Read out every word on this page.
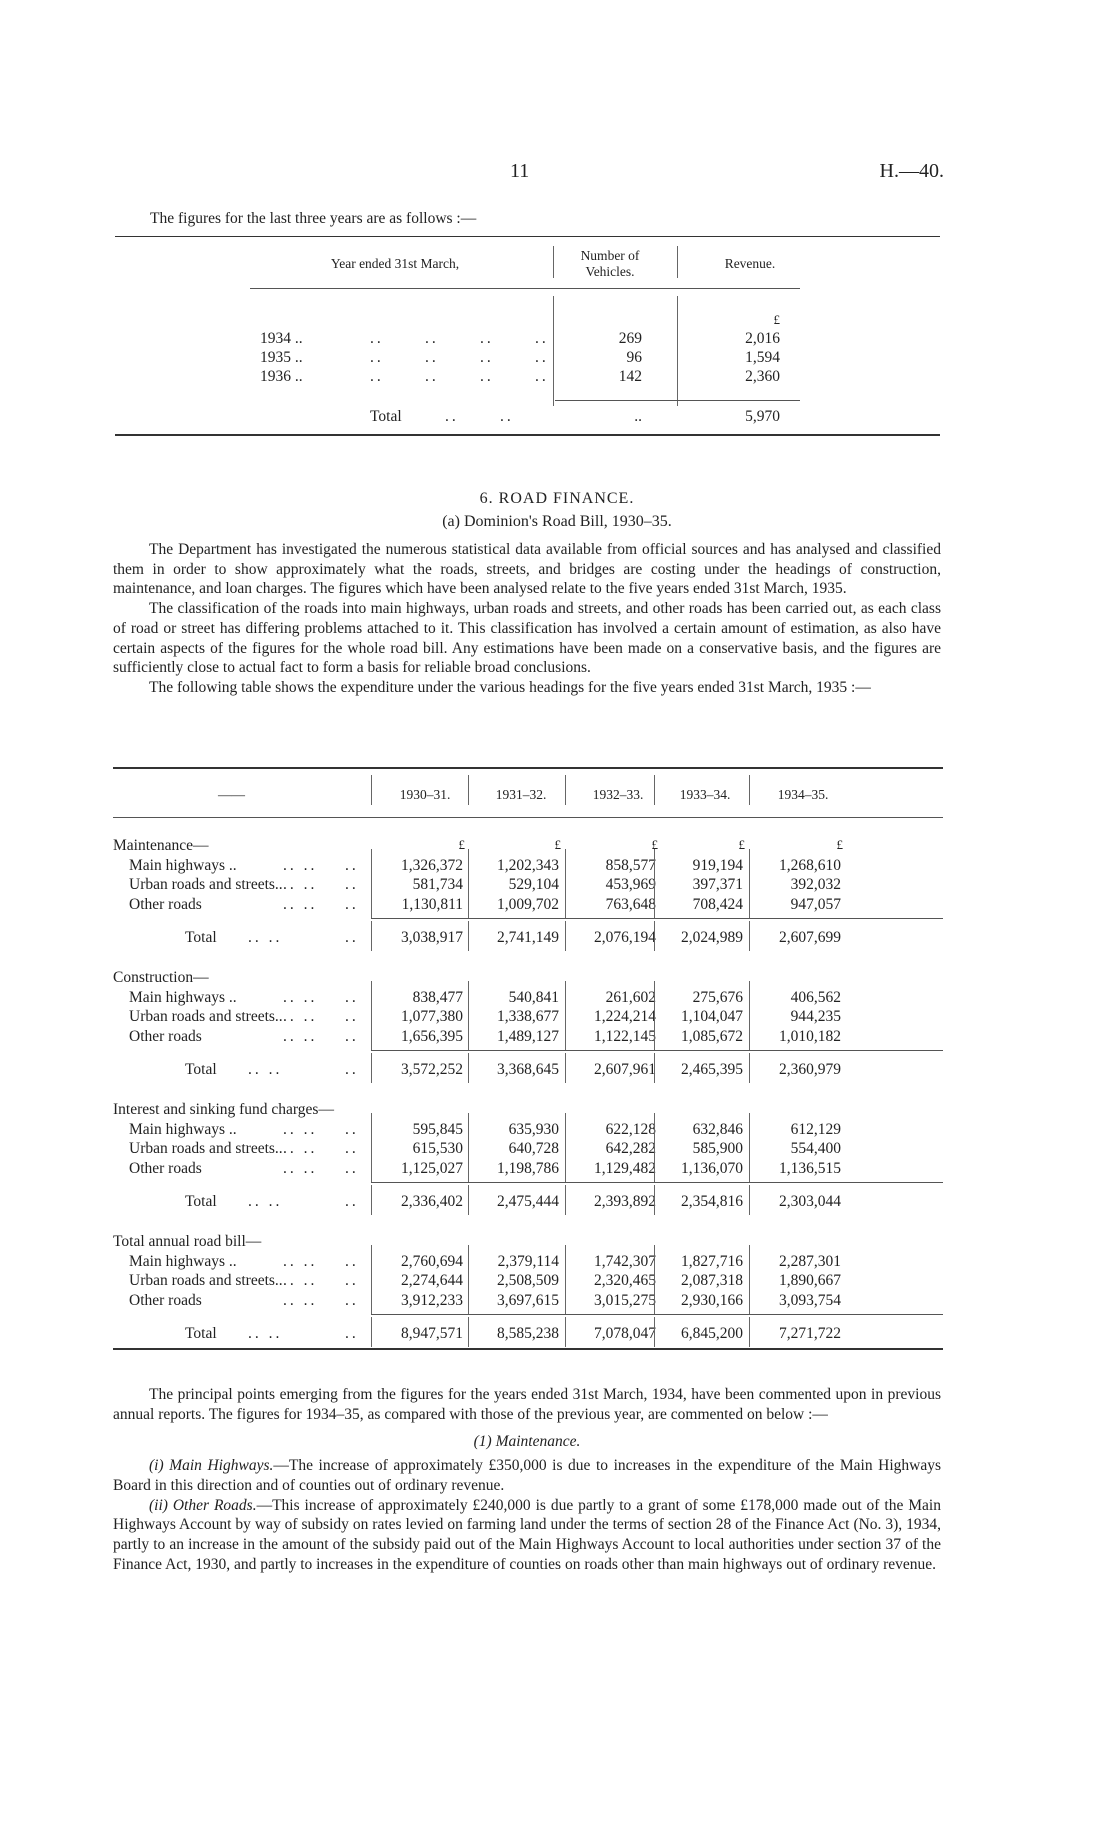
11	H.—40.
The figures for the last three years are as follows :—
Year ended 31st March,
Number of Vehicles.
Revenue.
£
1934 ..	..      ..      ..      ..	269	2,016
1935 ..	..      ..      ..      ..	96	1,594
1936 ..	..      ..      ..      ..	142	2,360
Total	..      ..	..	5,970
6. ROAD FINANCE.
(a) Dominion's Road Bill, 1930–35.

The Department has investigated the numerous statistical data available from official sources and has analysed and classified them in order to show approximately what the roads, streets, and bridges are costing under the headings of construction, maintenance, and loan charges. The figures which have been analysed relate to the five years ended 31st March, 1935.

The classification of the roads into main highways, urban roads and streets, and other roads has been carried out, as each class of road or street has differing problems attached to it. This classification has involved a certain amount of estimation, as also have certain aspects of the figures for the whole road bill. Any estimations have been made on a conservative basis, and the figures are sufficiently close to actual fact to form a basis for reliable broad conclusions.

The following table shows the expenditure under the various headings for the five years ended 31st March, 1935 :—

——	1930–31.	1931–32.	1932–33.	1933–34.	1934–35.
£	£	£	£	£
Maintenance—
Main highways ..	.. .. ..	1,326,372	1,202,343	858,577	919,194	1,268,610
Urban roads and streets.. .. .. ..	581,734	529,104	453,969	397,371	392,032
Other roads	.. .. ..	1,130,811	1,009,702	763,648	708,424	947,057
Total .. ..	..	3,038,917	2,741,149	2,076,194	2,024,989	2,607,699
Construction—
Main highways ..	.. .. ..	838,477	540,841	261,602	275,676	406,562
Urban roads and streets.. .. .. ..	1,077,380	1,338,677	1,224,214	1,104,047	944,235
Other roads	.. .. ..	1,656,395	1,489,127	1,122,145	1,085,672	1,010,182
Total .. ..	..	3,572,252	3,368,645	2,607,961	2,465,395	2,360,979
Interest and sinking fund charges—
Main highways ..	.. .. ..	595,845	635,930	622,128	632,846	612,129
Urban roads and streets.. .. .. ..	615,530	640,728	642,282	585,900	554,400
Other roads	.. .. ..	1,125,027	1,198,786	1,129,482	1,136,070	1,136,515
Total .. ..	..	2,336,402	2,475,444	2,393,892	2,354,816	2,303,044
Total annual road bill—
Main highways ..	.. .. ..	2,760,694	2,379,114	1,742,307	1,827,716	2,287,301
Urban roads and streets.. .. .. ..	2,274,644	2,508,509	2,320,465	2,087,318	1,890,667
Other roads	.. .. ..	3,912,233	3,697,615	3,015,275	2,930,166	3,093,754
Total .. ..	..	8,947,571	8,585,238	7,078,047	6,845,200	7,271,722

The principal points emerging from the figures for the years ended 31st March, 1934, have been commented upon in previous annual reports. The figures for 1934–35, as compared with those of the previous year, are commented on below :—

(1) Maintenance.

(i) Main Highways.—The increase of approximately £350,000 is due to increases in the expenditure of the Main Highways Board in this direction and of counties out of ordinary revenue.

(ii) Other Roads.—This increase of approximately £240,000 is due partly to a grant of some £178,000 made out of the Main Highways Account by way of subsidy on rates levied on farming land under the terms of section 28 of the Finance Act (No. 3), 1934, partly to an increase in the amount of the subsidy paid out of the Main Highways Account to local authorities under section 37 of the Finance Act, 1930, and partly to increases in the expenditure of counties on roads other than main highways out of ordinary revenue.
